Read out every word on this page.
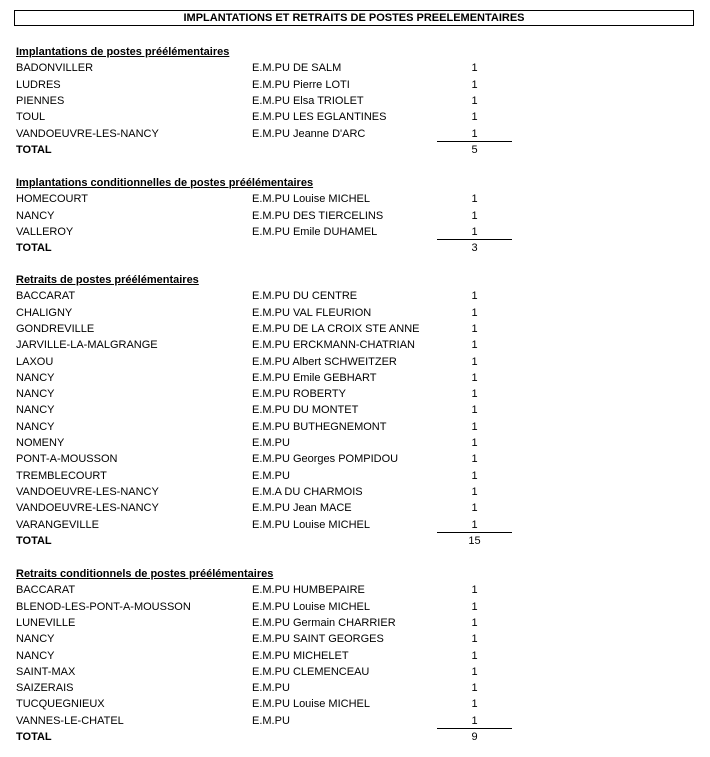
IMPLANTATIONS ET RETRAITS DE POSTES PREELEMENTAIRES
Implantations de postes préélémentaires
BADONVILLER	E.M.PU DE SALM	1
LUDRES	E.M.PU Pierre LOTI	1
PIENNES	E.M.PU Elsa TRIOLET	1
TOUL	E.M.PU LES EGLANTINES	1
VANDOEUVRE-LES-NANCY	E.M.PU Jeanne D'ARC	1
TOTAL	5
Implantations conditionnelles de postes préélémentaires
HOMECOURT	E.M.PU Louise MICHEL	1
NANCY	E.M.PU DES TIERCELINS	1
VALLEROY	E.M.PU Emile DUHAMEL	1
TOTAL	3
Retraits de postes préélémentaires
BACCARAT	E.M.PU DU CENTRE	1
CHALIGNY	E.M.PU VAL FLEURION	1
GONDREVILLE	E.M.PU DE LA CROIX STE ANNE	1
JARVILLE-LA-MALGRANGE	E.M.PU ERCKMANN-CHATRIAN	1
LAXOU	E.M.PU Albert SCHWEITZER	1
NANCY	E.M.PU Emile GEBHART	1
NANCY	E.M.PU ROBERTY	1
NANCY	E.M.PU DU MONTET	1
NANCY	E.M.PU BUTHEGNEMONT	1
NOMENY	E.M.PU	1
PONT-A-MOUSSON	E.M.PU Georges POMPIDOU	1
TREMBLECOURT	E.M.PU	1
VANDOEUVRE-LES-NANCY	E.M.A DU CHARMOIS	1
VANDOEUVRE-LES-NANCY	E.M.PU Jean MACE	1
VARANGEVILLE	E.M.PU Louise MICHEL	1
TOTAL	15
Retraits conditionnels de postes préélémentaires
BACCARAT	E.M.PU HUMBEPAIRE	1
BLENOD-LES-PONT-A-MOUSSON	E.M.PU Louise MICHEL	1
LUNEVILLE	E.M.PU Germain CHARRIER	1
NANCY	E.M.PU SAINT GEORGES	1
NANCY	E.M.PU MICHELET	1
SAINT-MAX	E.M.PU CLEMENCEAU	1
SAIZERAIS	E.M.PU	1
TUCQUEGNIEUX	E.M.PU Louise MICHEL	1
VANNES-LE-CHATEL	E.M.PU	1
TOTAL	9
